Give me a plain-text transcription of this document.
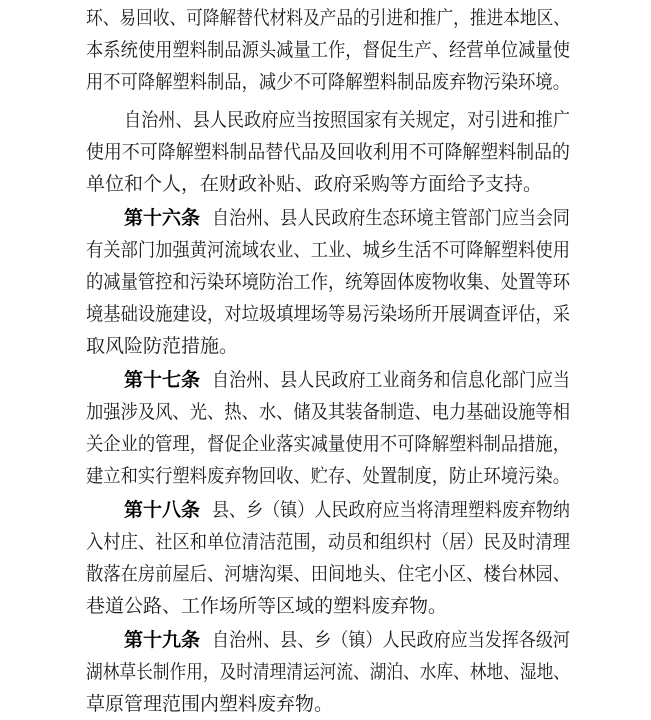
环、易回收、可降解替代材料及产品的引进和推广，推进本地区、
本系统使用塑料制品源头减量工作，督促生产、经营单位减量使
用不可降解塑料制品，减少不可降解塑料制品废弃物污染环境。
自治州、县人民政府应当按照国家有关规定，对引进和推广
使用不可降解塑料制品替代品及回收利用不可降解塑料制品的
单位和个人，在财政补贴、政府采购等方面给予支持。
第十六条 自治州、县人民政府生态环境主管部门应当会同
有关部门加强黄河流域农业、工业、城乡生活不可降解塑料使用
的减量管控和污染环境防治工作，统筹固体废物收集、处置等环
境基础设施建设，对垃圾填埋场等易污染场所开展调查评估，采
取风险防范措施。
第十七条 自治州、县人民政府工业商务和信息化部门应当
加强涉及风、光、热、水、储及其装备制造、电力基础设施等相
关企业的管理，督促企业落实减量使用不可降解塑料制品措施，
建立和实行塑料废弃物回收、贮存、处置制度，防止环境污染。
第十八条 县、乡（镇）人民政府应当将清理塑料废弃物纳
入村庄、社区和单位清洁范围，动员和组织村（居）民及时清理
散落在房前屋后、河塘沟渠、田间地头、住宅小区、楼台林园、
巷道公路、工作场所等区域的塑料废弃物。
第十九条 自治州、县、乡（镇）人民政府应当发挥各级河
湖林草长制作用，及时清理清运河流、湖泊、水库、林地、湿地、
草原管理范围内塑料废弃物。
